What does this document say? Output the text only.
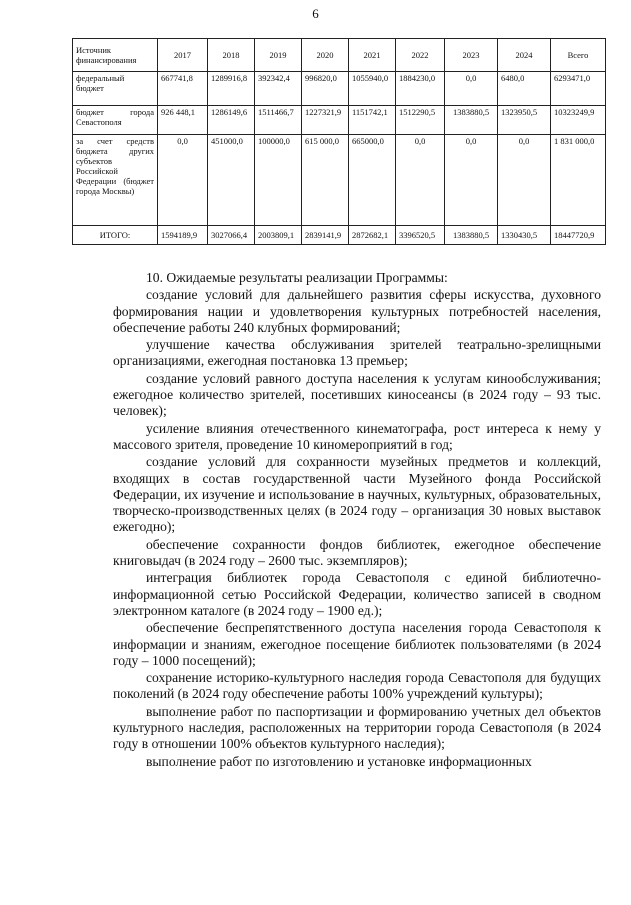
6
Источник финансирования	2017	2018	2019	2020	2021	2022	2023	2024	Всего
федеральный бюджет	667741,8	1289916,8	392342,4	996820,0	1055940,0	1884230,0	0,0	6480,0	6293471,0
бюджет города Севастополя	926 448,1	1286149,6	1511466,7	1227321,9	1151742,1	1512290,5	1383880,5	1323950,5	10323249,9
за счет средств бюджета других субъектов Российской Федерации (бюджет города Москвы)	0,0	451000,0	100000,0	615 000,0	665000,0	0,0	0,0	0,0	1 831 000,0
ИТОГО:	1594189,9	3027066,4	2003809,1	2839141,9	2872682,1	3396520,5	1383880,5	1330430,5	18447720,9

10. Ожидаемые результаты реализации Программы:

создание условий для дальнейшего развития сферы искусства, духовного формирования нации и удовлетворения культурных потребностей населения, обеспечение работы 240 клубных формирований;

улучшение качества обслуживания зрителей театрально-зрелищными организациями, ежегодная постановка 13 премьер;

создание условий равного доступа населения к услугам кинообслуживания; ежегодное количество зрителей, посетивших киносеансы (в 2024 году – 93 тыс. человек);

усиление влияния отечественного кинематографа, рост интереса к нему у массового зрителя, проведение 10 киномероприятий в год;

создание условий для сохранности музейных предметов и коллекций, входящих в состав государственной части Музейного фонда Российской Федерации, их изучение и использование в научных, культурных, образовательных, творческо-производственных целях (в 2024 году – организация 30 новых выставок ежегодно);

обеспечение сохранности фондов библиотек, ежегодное обеспечение книговыдач (в 2024 году – 2600 тыс. экземпляров);

интеграция библиотек города Севастополя с единой библиотечно-информационной сетью Российской Федерации, количество записей в сводном электронном каталоге (в 2024 году – 1900 ед.);

обеспечение беспрепятственного доступа населения города Севастополя к информации и знаниям, ежегодное посещение библиотек пользователями (в 2024 году – 1000 посещений);

сохранение историко-культурного наследия города Севастополя для будущих поколений (в 2024 году обеспечение работы 100% учреждений культуры);

выполнение работ по паспортизации и формированию учетных дел объектов культурного наследия, расположенных на территории города Севастополя (в 2024 году в отношении 100% объектов культурного наследия);

выполнение работ по изготовлению и установке информационных
